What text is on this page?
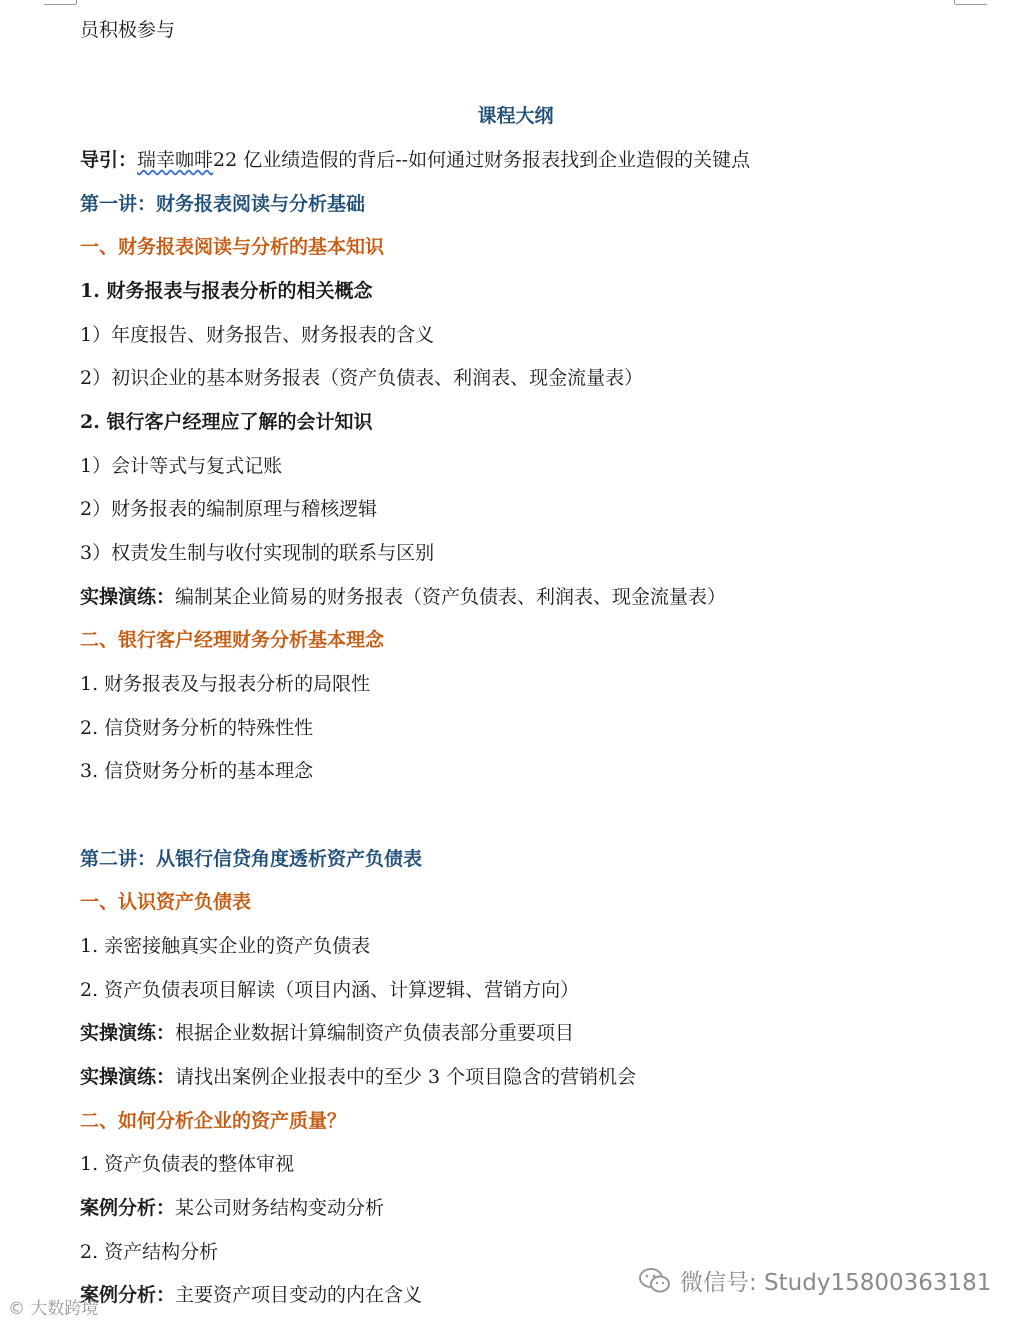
员积极参与
课程大纲
导引：瑞幸咖啡22 亿业绩造假的背后--如何通过财务报表找到企业造假的关键点
第一讲：财务报表阅读与分析基础
一、财务报表阅读与分析的基本知识
1. 财务报表与报表分析的相关概念
1）年度报告、财务报告、财务报表的含义
2）初识企业的基本财务报表（资产负债表、利润表、现金流量表）
2. 银行客户经理应了解的会计知识
1）会计等式与复式记账
2）财务报表的编制原理与稽核逻辑
3）权责发生制与收付实现制的联系与区别
实操演练：编制某企业简易的财务报表（资产负债表、利润表、现金流量表）
二、银行客户经理财务分析基本理念
1. 财务报表及与报表分析的局限性
2. 信贷财务分析的特殊性性
3. 信贷财务分析的基本理念
第二讲：从银行信贷角度透析资产负债表
一、认识资产负债表
1. 亲密接触真实企业的资产负债表
2. 资产负债表项目解读（项目内涵、计算逻辑、营销方向）
实操演练：根据企业数据计算编制资产负债表部分重要项目
实操演练：请找出案例企业报表中的至少 3 个项目隐含的营销机会
二、如何分析企业的资产质量？
1. 资产负债表的整体审视
案例分析：某公司财务结构变动分析
2. 资产结构分析
案例分析：主要资产项目变动的内在含义
© 大数跨境
微信号: Study15800363181
